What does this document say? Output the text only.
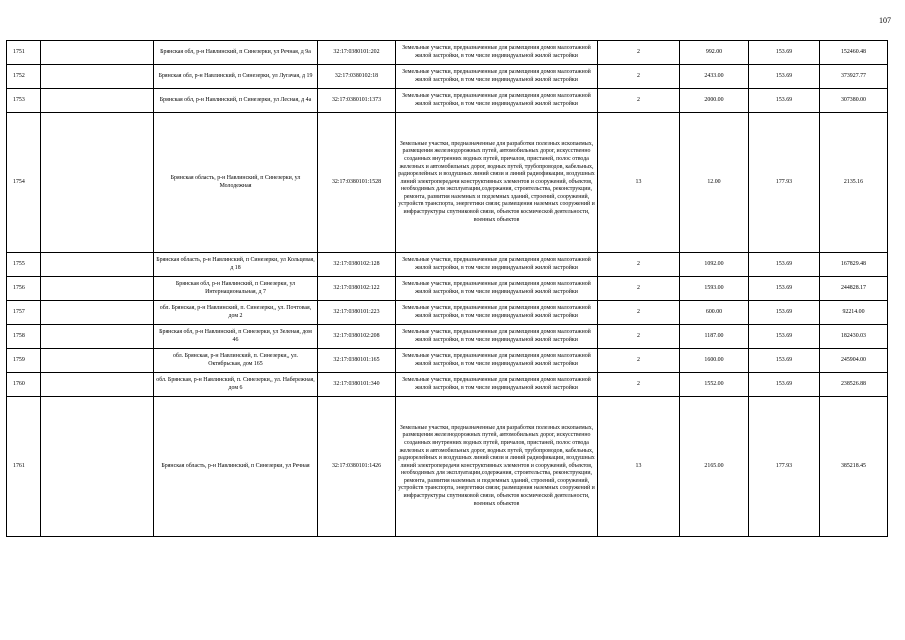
107
1751		Брянская обл, р-н Навлинский, п Синезерки, ул Речная, д 9а	32:17:0380101:202	Земельные участки, предназначенные для размещения домов малоэтажной жилой застройки, в том числе индивидуальной жилой застройки	2	992.00	153.69	152460.48
1752		Брянская обл, р-н Навлинский, п Синезерки, ул Лугачая, д 19	32:17:0380102:18	Земельные участки, предназначенные для размещения домов малоэтажной жилой застройки, в том числе индивидуальной жилой застройки	2	2433.00	153.69	373927.77
1753		Брянская обл, р-н Навлинский, п Синезерки, ул Лесная, д 4а	32:17:0380101:1373	Земельные участки, предназначенные для размещения домов малоэтажной жилой застройки, в том числе индивидуальной жилой застройки	2	2000.00	153.69	307380.00
1754		Брянская область, р-н Навлинский, п Синезерки, ул Молодежная	32:17:0380101:1528	Земельные участки, предназначенные для разработки полезных ископаемых, размещения железнодорожных путей, автомобильных дорог, искусственно созданных внутренних водных путей, причалов, пристаней, полос отвода железных и автомобильных дорог, водных путей, трубопроводов, кабельных, радиорелейных и воздушных линий связи и линий радиофикации, воздушных линий электропередачи конструктивных элементов и сооружений, объектов, необходимых для эксплуатации,содержания, строительства, реконструкции, ремонта, развития наземных и подземных зданий, строений, сооружений, устройств транспорта, энергетики связи; размещения наземных сооружений и инфраструктуры спутниковой связи, объектов космической деятельности, военных объектов	13	12.00	177.93	2135.16
1755		Брянская область, р-н Навлинский, п Синезерки, ул Кольцевая, д 18	32:17:0380102:128	Земельные участки, предназначенные для размещения домов малоэтажной жилой застройки, в том числе индивидуальной жилой застройки	2	1092.00	153.69	167829.48
1756		Брянская обл, р-н Навлинский, п Синезерки, ул Интернациональная, д 7	32:17:0380102:122	Земельные участки, предназначенные для размещения домов малоэтажной жилой застройки, в том числе индивидуальной жилой застройки	2	1593.00	153.69	244828.17
1757		обл. Брянская, р-н Навлинский, п. Синезерки,, ул. Почтовая, дом 2	32:17:0380101:223	Земельные участки, предназначенные для размещения домов малоэтажной жилой застройки, в том числе индивидуальной жилой застройки	2	600.00	153.69	92214.00
1758		Брянская обл, р-н Навлинский, п Синезерки, ул Зеленая, дом 46	32:17:0380102:208	Земельные участки, предназначенные для размещения домов малоэтажной жилой застройки, в том числе индивидуальной жилой застройки	2	1187.00	153.69	182430.03
1759		обл. Брянская, р-н Навлинский, п. Синезерки,, ул. Октябрьская, дом 165	32:17:0380101:165	Земельные участки, предназначенные для размещения домов малоэтажной жилой застройки, в том числе индивидуальной жилой застройки	2	1600.00	153.69	245904.00
1760		обл. Брянская, р-н Навлинский, п. Синезерки,, ул. Набережная, дом 6	32:17:0380101:340	Земельные участки, предназначенные для размещения домов малоэтажной жилой застройки, в том числе индивидуальной жилой застройки	2	1552.00	153.69	238526.88
1761		Брянская область, р-н Навлинский, п Синезерки, ул Речная	32:17:0380101:1426	Земельные участки, предназначенные для разработки полезных ископаемых, размещения железнодорожных путей, автомобильных дорог, искусственно созданных внутренних водных путей, причалов, пристаней, полос отвода железных и автомобильных дорог, водных путей, трубопроводов, кабельных, радиорелейных и воздушных линий связи и линий радиофикации, воздушных линий электропередачи конструктивных элементов и сооружений, объектов, необходимых для эксплуатации,содержания, строительства, реконструкции, ремонта, развития наземных и подземных зданий, строений, сооружений, устройств транспорта, энергетики связи; размещения наземных сооружений и инфраструктуры спутниковой связи, объектов космической деятельности, военных объектов	13	2165.00	177.93	385218.45
